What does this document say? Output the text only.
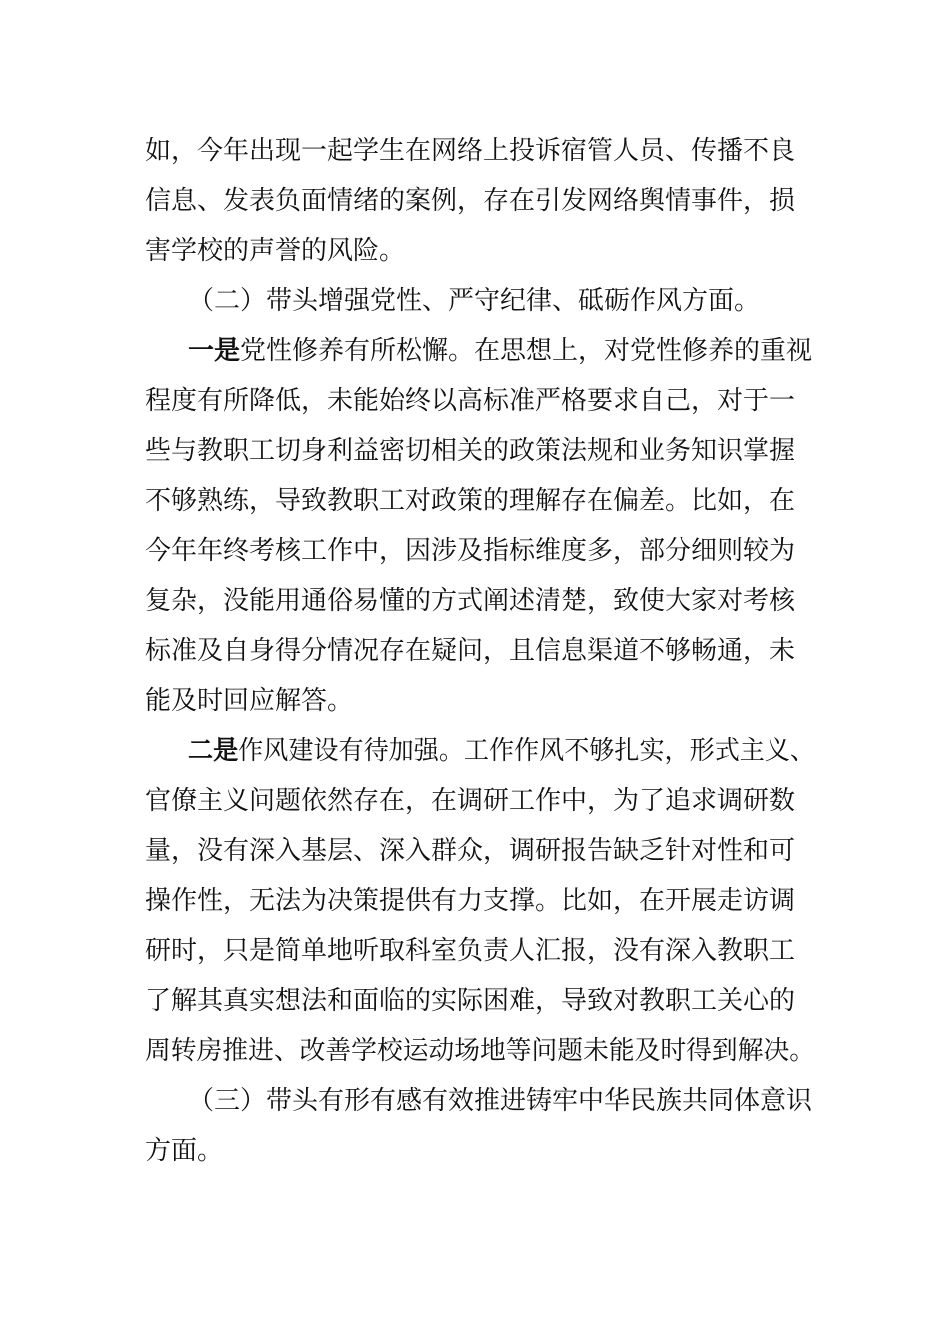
如，今年出现一起学生在网络上投诉宿管人员、传播不良
信息、发表负面情绪的案例，存在引发网络舆情事件，损
害学校的声誉的风险。
（二）带头增强党性、严守纪律、砥砺作风方面。
一是党性修养有所松懈。在思想上，对党性修养的重视
程度有所降低，未能始终以高标准严格要求自己，对于一
些与教职工切身利益密切相关的政策法规和业务知识掌握
不够熟练，导致教职工对政策的理解存在偏差。比如，在
今年年终考核工作中，因涉及指标维度多，部分细则较为
复杂，没能用通俗易懂的方式阐述清楚，致使大家对考核
标准及自身得分情况存在疑问，且信息渠道不够畅通，未
能及时回应解答。
二是作风建设有待加强。工作作风不够扎实，形式主义、
官僚主义问题依然存在，在调研工作中，为了追求调研数
量，没有深入基层、深入群众，调研报告缺乏针对性和可
操作性，无法为决策提供有力支撑。比如，在开展走访调
研时，只是简单地听取科室负责人汇报，没有深入教职工
了解其真实想法和面临的实际困难，导致对教职工关心的
周转房推进、改善学校运动场地等问题未能及时得到解决。
（三）带头有形有感有效推进铸牢中华民族共同体意识
方面。
